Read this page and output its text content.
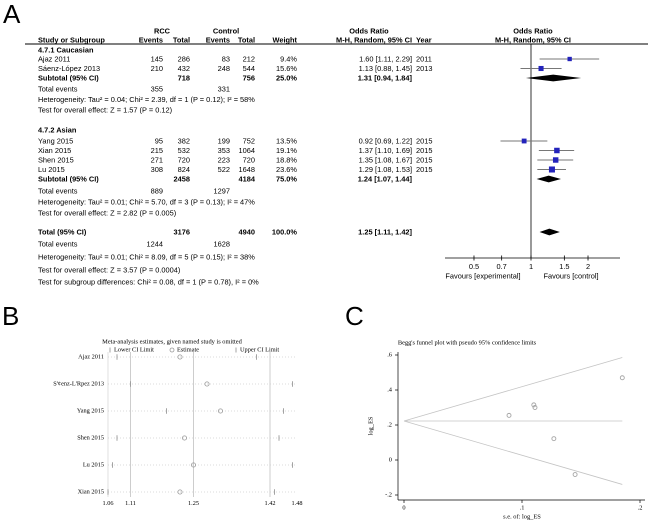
A
B	C
RCC	Control	Odds Ratio	Odds Ratio
Study or Subgroup	Events Total Events Total Weight	M-H, Random, 95% CI Year	M-H, Random, 95% CI
4.7.1 Caucasian
Ajaz 2011	145 286	83 212	9.4%	1.60 [1.11, 2.29] 2011
Sáenz-López 2013	210 432	248 544	15.6%	1.13 [0.88, 1.45] 2013
Subtotal (95% CI)	718	756	25.0%	1.31 [0.94, 1.84]
Total events	355	331
Heterogeneity: Tau² = 0.04; Chi² = 2.39, df = 1 (P = 0.12); I² = 58%
Test for overall effect: Z = 1.57 (P = 0.12)
4.7.2 Asian
Yang 2015	95 382	199 752	13.5%	0.92 [0.69, 1.22] 2015
Xian 2015	215 532	353 1064	19.1%	1.37 [1.10, 1.69] 2015
Shen 2015	271 720	223 720	18.8%	1.35 [1.08, 1.67] 2015
Lu 2015	308 824	522 1648	23.6%	1.29 [1.08, 1.53] 2015
Subtotal (95% CI)	2458	4184	75.0%	1.24 [1.07, 1.44]
Total events	889	1297
Heterogeneity: Tau² = 0.01; Chi² = 5.70, df = 3 (P = 0.13); I² = 47%
Test for overall effect: Z = 2.82 (P = 0.005)
Total (95% CI)	3176	4940 100.0%	1.25 [1.11, 1.42]
Total events	1244	1628
Heterogeneity: Tau² = 0.01; Chi² = 8.09, df = 5 (P = 0.15); I² = 38%
Test for overall effect: Z = 3.57 (P = 0.0004)
Test for subgroup differences: Chi² = 0.08, df = 1 (P = 0.78), I² = 0%
0.5 0.7	1	1.5 2
Favours [experimental]	Favours [control]
Meta-analysis estimates, given named study is omitted
Lower CI Limit	Estimate	Upper CI Limit
Ajaz 2011
S'¢enz-L'Rpez 2013
Yang 2015
Shen 2015
Lu 2015
Xian 2015
1.06 1.11	1.25	1.42	1.48
Begg's funnel plot with pseudo 95% confidence limits
-.2
0
.2
.4
.6
0	.1	.2
log_ES
s.e. of: log_ES
